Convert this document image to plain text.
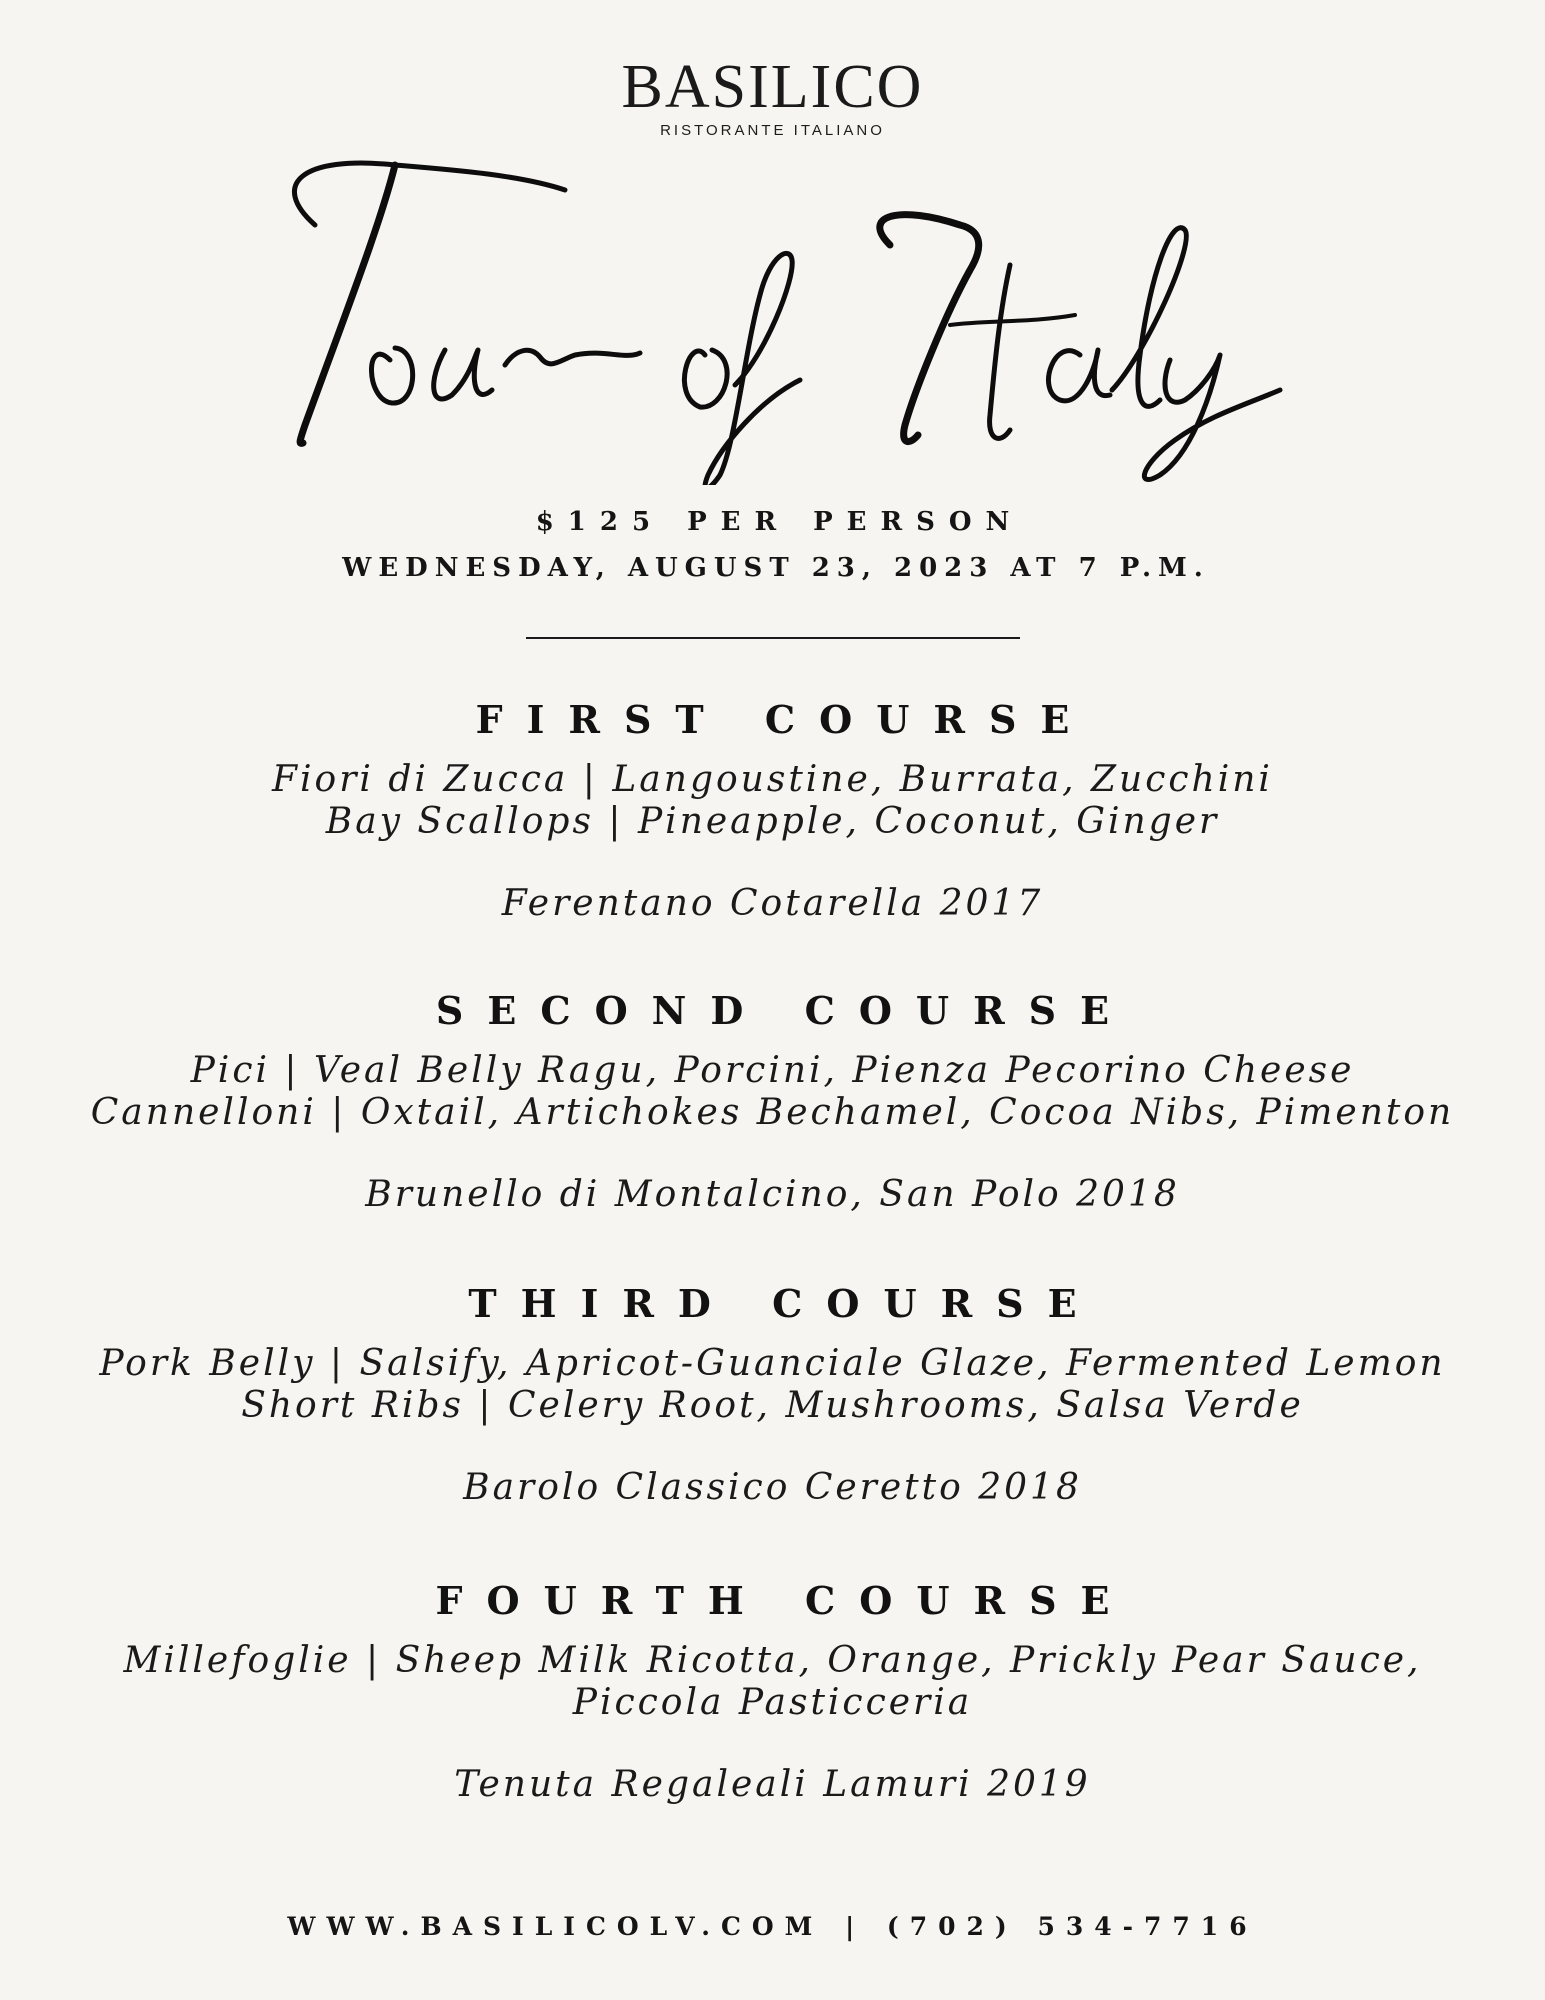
BASILICO
RISTORANTE ITALIANO
$125 PER PERSON
WEDNESDAY, AUGUST 23, 2023 AT 7 P.M.
FIRST COURSE
Fiori di Zucca | Langoustine, Burrata, Zucchini
Bay Scallops | Pineapple, Coconut, Ginger
Ferentano Cotarella 2017
SECOND COURSE
Pici | Veal Belly Ragu, Porcini, Pienza Pecorino Cheese
Cannelloni | Oxtail, Artichokes Bechamel, Cocoa Nibs, Pimenton
Brunello di Montalcino, San Polo 2018
THIRD COURSE
Pork Belly | Salsify, Apricot-Guanciale Glaze, Fermented Lemon
Short Ribs | Celery Root, Mushrooms, Salsa Verde
Barolo Classico Ceretto 2018
FOURTH COURSE
Millefoglie | Sheep Milk Ricotta, Orange, Prickly Pear Sauce,
Piccola Pasticceria
Tenuta Regaleali Lamuri 2019
WWW.BASILICOLV.COM | (702) 534-7716
